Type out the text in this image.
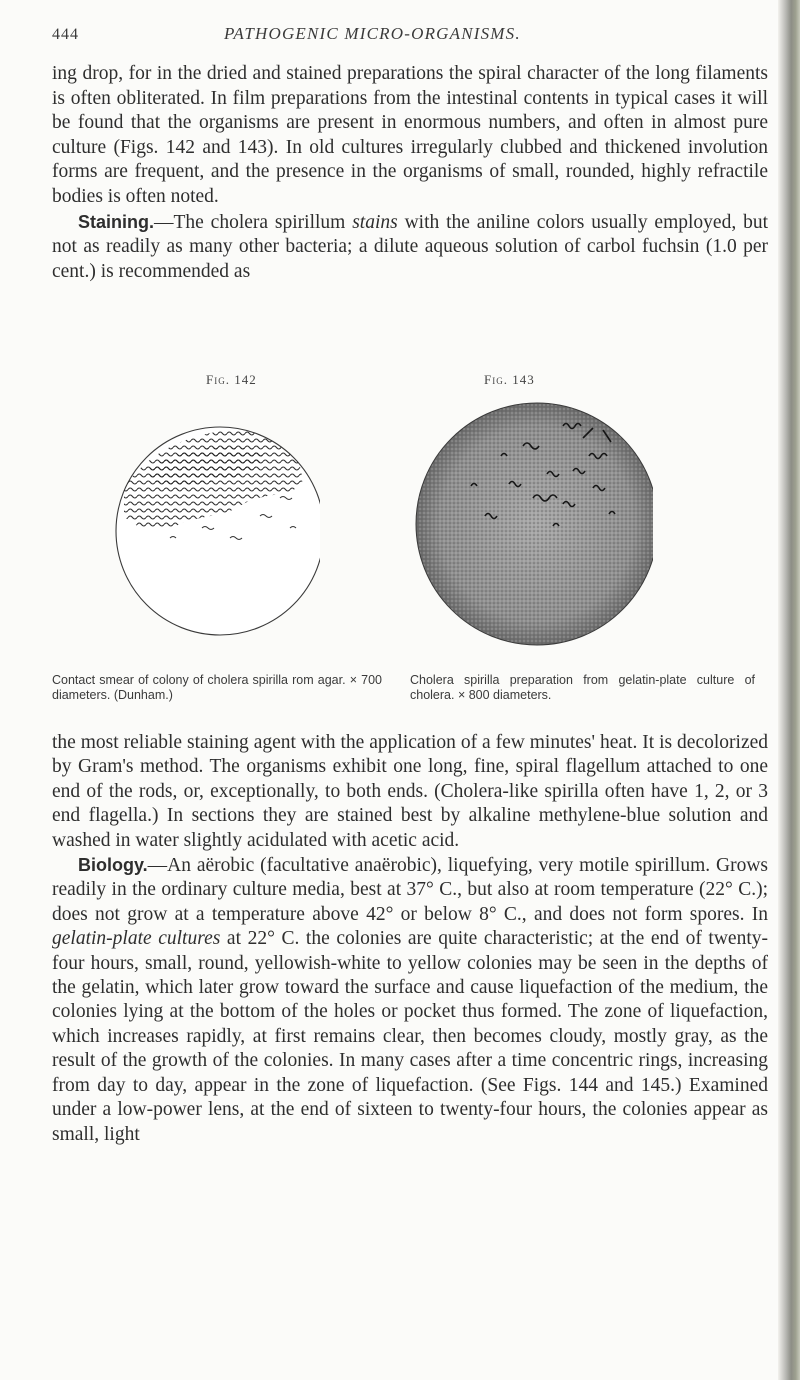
444	PATHOGENIC MICRO-ORGANISMS.

ing drop, for in the dried and stained preparations the spiral character of the long filaments is often obliterated. In film preparations from the intestinal contents in typical cases it will be found that the organisms are present in enormous numbers, and often in almost pure culture (Figs. 142 and 143). In old cultures irregularly clubbed and thickened involution forms are frequent, and the presence in the organisms of small, rounded, highly refractile bodies is often noted.

Staining.—The cholera spirillum stains with the aniline colors usually employed, but not as readily as many other bacteria; a dilute aqueous solution of carbol fuchsin (1.0 per cent.) is recommended as

Fig. 142	Fig. 143
Contact smear of colony of cholera spirilla rom agar. × 700 diameters. (Dunham.)
Cholera spirilla preparation from gelatin-plate culture of cholera. × 800 diameters.

the most reliable staining agent with the application of a few minutes' heat. It is decolorized by Gram's method. The organisms exhibit one long, fine, spiral flagellum attached to one end of the rods, or, exceptionally, to both ends. (Cholera-like spirilla often have 1, 2, or 3 end flagella.) In sections they are stained best by alkaline methylene-blue solution and washed in water slightly acidulated with acetic acid.

Biology.—An aërobic (facultative anaërobic), liquefying, very motile spirillum. Grows readily in the ordinary culture media, best at 37° C., but also at room temperature (22° C.); does not grow at a temperature above 42° or below 8° C., and does not form spores. In gelatin-plate cultures at 22° C. the colonies are quite characteristic; at the end of twenty-four hours, small, round, yellowish-white to yellow colonies may be seen in the depths of the gelatin, which later grow toward the surface and cause liquefaction of the medium, the colonies lying at the bottom of the holes or pocket thus formed. The zone of liquefaction, which increases rapidly, at first remains clear, then becomes cloudy, mostly gray, as the result of the growth of the colonies. In many cases after a time concentric rings, increasing from day to day, appear in the zone of liquefaction. (See Figs. 144 and 145.) Examined under a low-power lens, at the end of sixteen to twenty-four hours, the colonies appear as small, light
